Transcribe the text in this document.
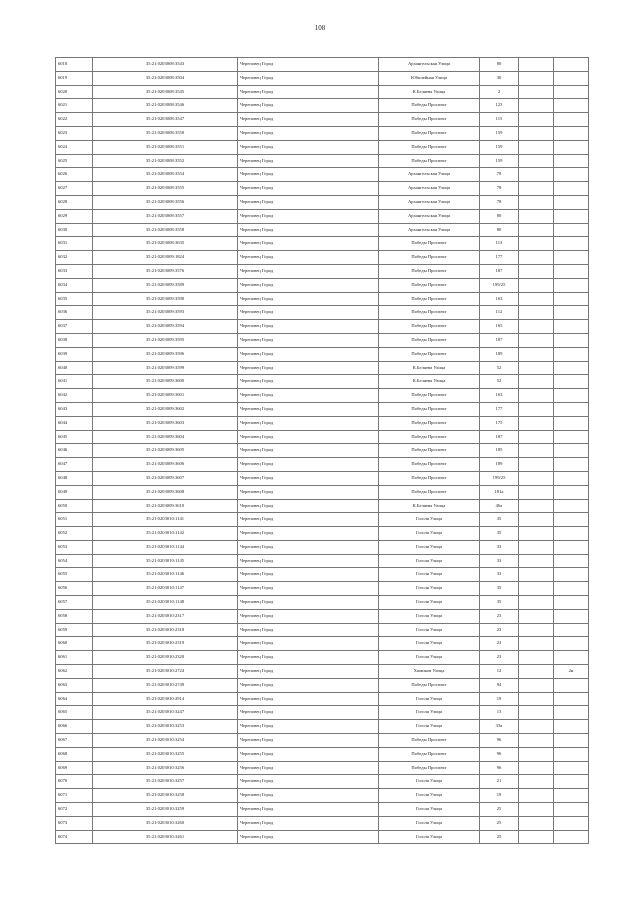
108
6018	35:21:0203008:3543	Череповец Город	Архангельская Улица	80		
6019	35:21:0203008:3504	Череповец Город	Юбилейная Улица	30		
6020	35:21:0203008:3545	Череповец Город	К.Беляева Улица	2		
6021	35:21:0203008:3546	Череповец Город	Победы Проспект	123		
6022	35:21:0203008:3547	Череповец Город	Победы Проспект	115		
6023	35:21:0203008:3550	Череповец Город	Победы Проспект	159		
6024	35:21:0203008:3551	Череповец Город	Победы Проспект	159		
6025	35:21:0203008:3552	Череповец Город	Победы Проспект	159		
6026	35:21:0203008:3554	Череповец Город	Архангельская Улица	78		
6027	35:21:0203008:3555	Череповец Город	Архангельская Улица	78		
6028	35:21:0203008:3556	Череповец Город	Архангельская Улица	78		
6029	35:21:0203008:3557	Череповец Город	Архангельская Улица	80		
6030	35:21:0203008:3558	Череповец Город	Архангельская Улица	80		
6031	35:21:0203008:3635	Череповец Город	Победы Проспект	113		
6032	35:21:0203009:1824	Череповец Город	Победы Проспект	177		
6033	35:21:0203009:3576	Череповец Город	Победы Проспект	187		
6034	35:21:0203009:3589	Череповец Город	Победы Проспект	199/25		
6035	35:21:0203009:3590	Череповец Город	Победы Проспект	163		
6036	35:21:0203009:3593	Череповец Город	Победы Проспект	112		
6037	35:21:0203009:3594	Череповец Город	Победы Проспект	165		
6038	35:21:0203009:3595	Череповец Город	Победы Проспект	187		
6039	35:21:0203009:3596	Череповец Город	Победы Проспект	189		
6040	35:21:0203009:3599	Череповец Город	К.Беляева Улица	52		
6041	35:21:0203009:3600	Череповец Город	К.Беляева Улица	52		
6042	35:21:0203009:3601	Череповец Город	Победы Проспект	163		
6043	35:21:0203009:3602	Череповец Город	Победы Проспект	177		
6044	35:21:0203009:3603	Череповец Город	Победы Проспект	175		
6045	35:21:0203009:3604	Череповец Город	Победы Проспект	187		
6046	35:21:0203009:3605	Череповец Город	Победы Проспект	185		
6047	35:21:0203009:3606	Череповец Город	Победы Проспект	189		
6048	35:21:0203009:3607	Череповец Город	Победы Проспект	199/25		
6049	35:21:0203009:3608	Череповец Город	Победы Проспект	181а		
6050	35:21:0203009:3610	Череповец Город	К.Беляева Улица	46а		
6051	35:21:0203010:1141	Череповец Город	Гоголя Улица	35		
6052	35:21:0203010:1142	Череповец Город	Гоголя Улица	35		
6053	35:21:0203010:1144	Череповец Город	Гоголя Улица	33		
6054	35:21:0203010:1145	Череповец Город	Гоголя Улица	33		
6055	35:21:0203010:1146	Череповец Город	Гоголя Улица	33		
6056	35:21:0203010:1147	Череповец Город	Гоголя Улица	35		
6057	35:21:0203010:1148	Череповец Город	Гоголя Улица	35		
6058	35:21:0203010:2317	Череповец Город	Гоголя Улица	23		
6059	35:21:0203010:2318	Череповец Город	Гоголя Улица	23		
6060	35:21:0203010:2319	Череповец Город	Гоголя Улица	23		
6061	35:21:0203010:2320	Череповец Город	Гоголя Улица	23		
6062	35:21:0203010:2724	Череповец Город	Химиков Улица	12		2н
6063	35:21:0203010:2749	Череповец Город	Победы Проспект	94		
6064	35:21:0203010:2914	Череповец Город	Гоголя Улица	19		
6065	35:21:0203010:3247	Череповец Город	Гоголя Улица	13		
6066	35:21:0203010:3253	Череповец Город	Гоголя Улица	33а		
6067	35:21:0203010:3254	Череповец Город	Победы Проспект	96		
6068	35:21:0203010:3255	Череповец Город	Победы Проспект	96		
6069	35:21:0203010:3256	Череповец Город	Победы Проспект	96		
6070	35:21:0203010:3257	Череповец Город	Гоголя Улица	21		
6071	35:21:0203010:3258	Череповец Город	Гоголя Улица	19		
6072	35:21:0203010:3259	Череповец Город	Гоголя Улица	25		
6073	35:21:0203010:3260	Череповец Город	Гоголя Улица	25		
6074	35:21:0203010:3261	Череповец Город	Гоголя Улица	25		
